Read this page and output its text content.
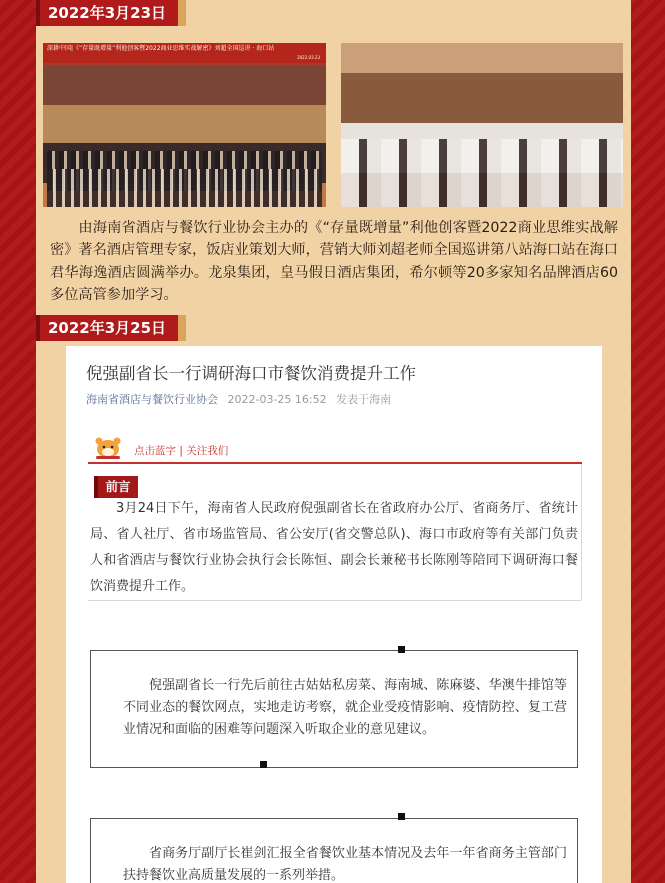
2022年3月23日
深耕中国|《“存量既增量”利他创客暨2022商业思维实战解密》刘超全国巡讲 · 海口站
2022.03.23

由海南省酒店与餐饮行业协会主办的《“存量既增量”利他创客暨2022商业思维实战解密》著名酒店管理专家，饭店业策划大师，营销大师刘超老师全国巡讲第八站海口站在海口君华海逸酒店圆满举办。龙泉集团，皇马假日酒店集团，希尔顿等20多家知名品牌酒店60多位高管参加学习。

2022年3月25日
倪强副省长一行调研海口市餐饮消费提升工作
海南省酒店与餐饮行业协会 2022-03-25 16:52 发表于海南
点击蓝字 | 关注我们
前言

3月24日下午，海南省人民政府倪强副省长在省政府办公厅、省商务厅、省统计局、省人社厅、省市场监管局、省公安厅(省交警总队)、海口市政府等有关部门负责人和省酒店与餐饮行业协会执行会长陈恒、副会长兼秘书长陈刚等陪同下调研海口餐饮消费提升工作。

倪强副省长一行先后前往古姑姑私房菜、海南城、陈麻婆、华澳牛排馆等不同业态的餐饮网点，实地走访考察，就企业受疫情影响、疫情防控、复工营业情况和面临的困难等问题深入听取企业的意见建议。
省商务厅副厅长崔剑汇报全省餐饮业基本情况及去年一年省商务主管部门扶持餐饮业高质量发展的一系列举措。
